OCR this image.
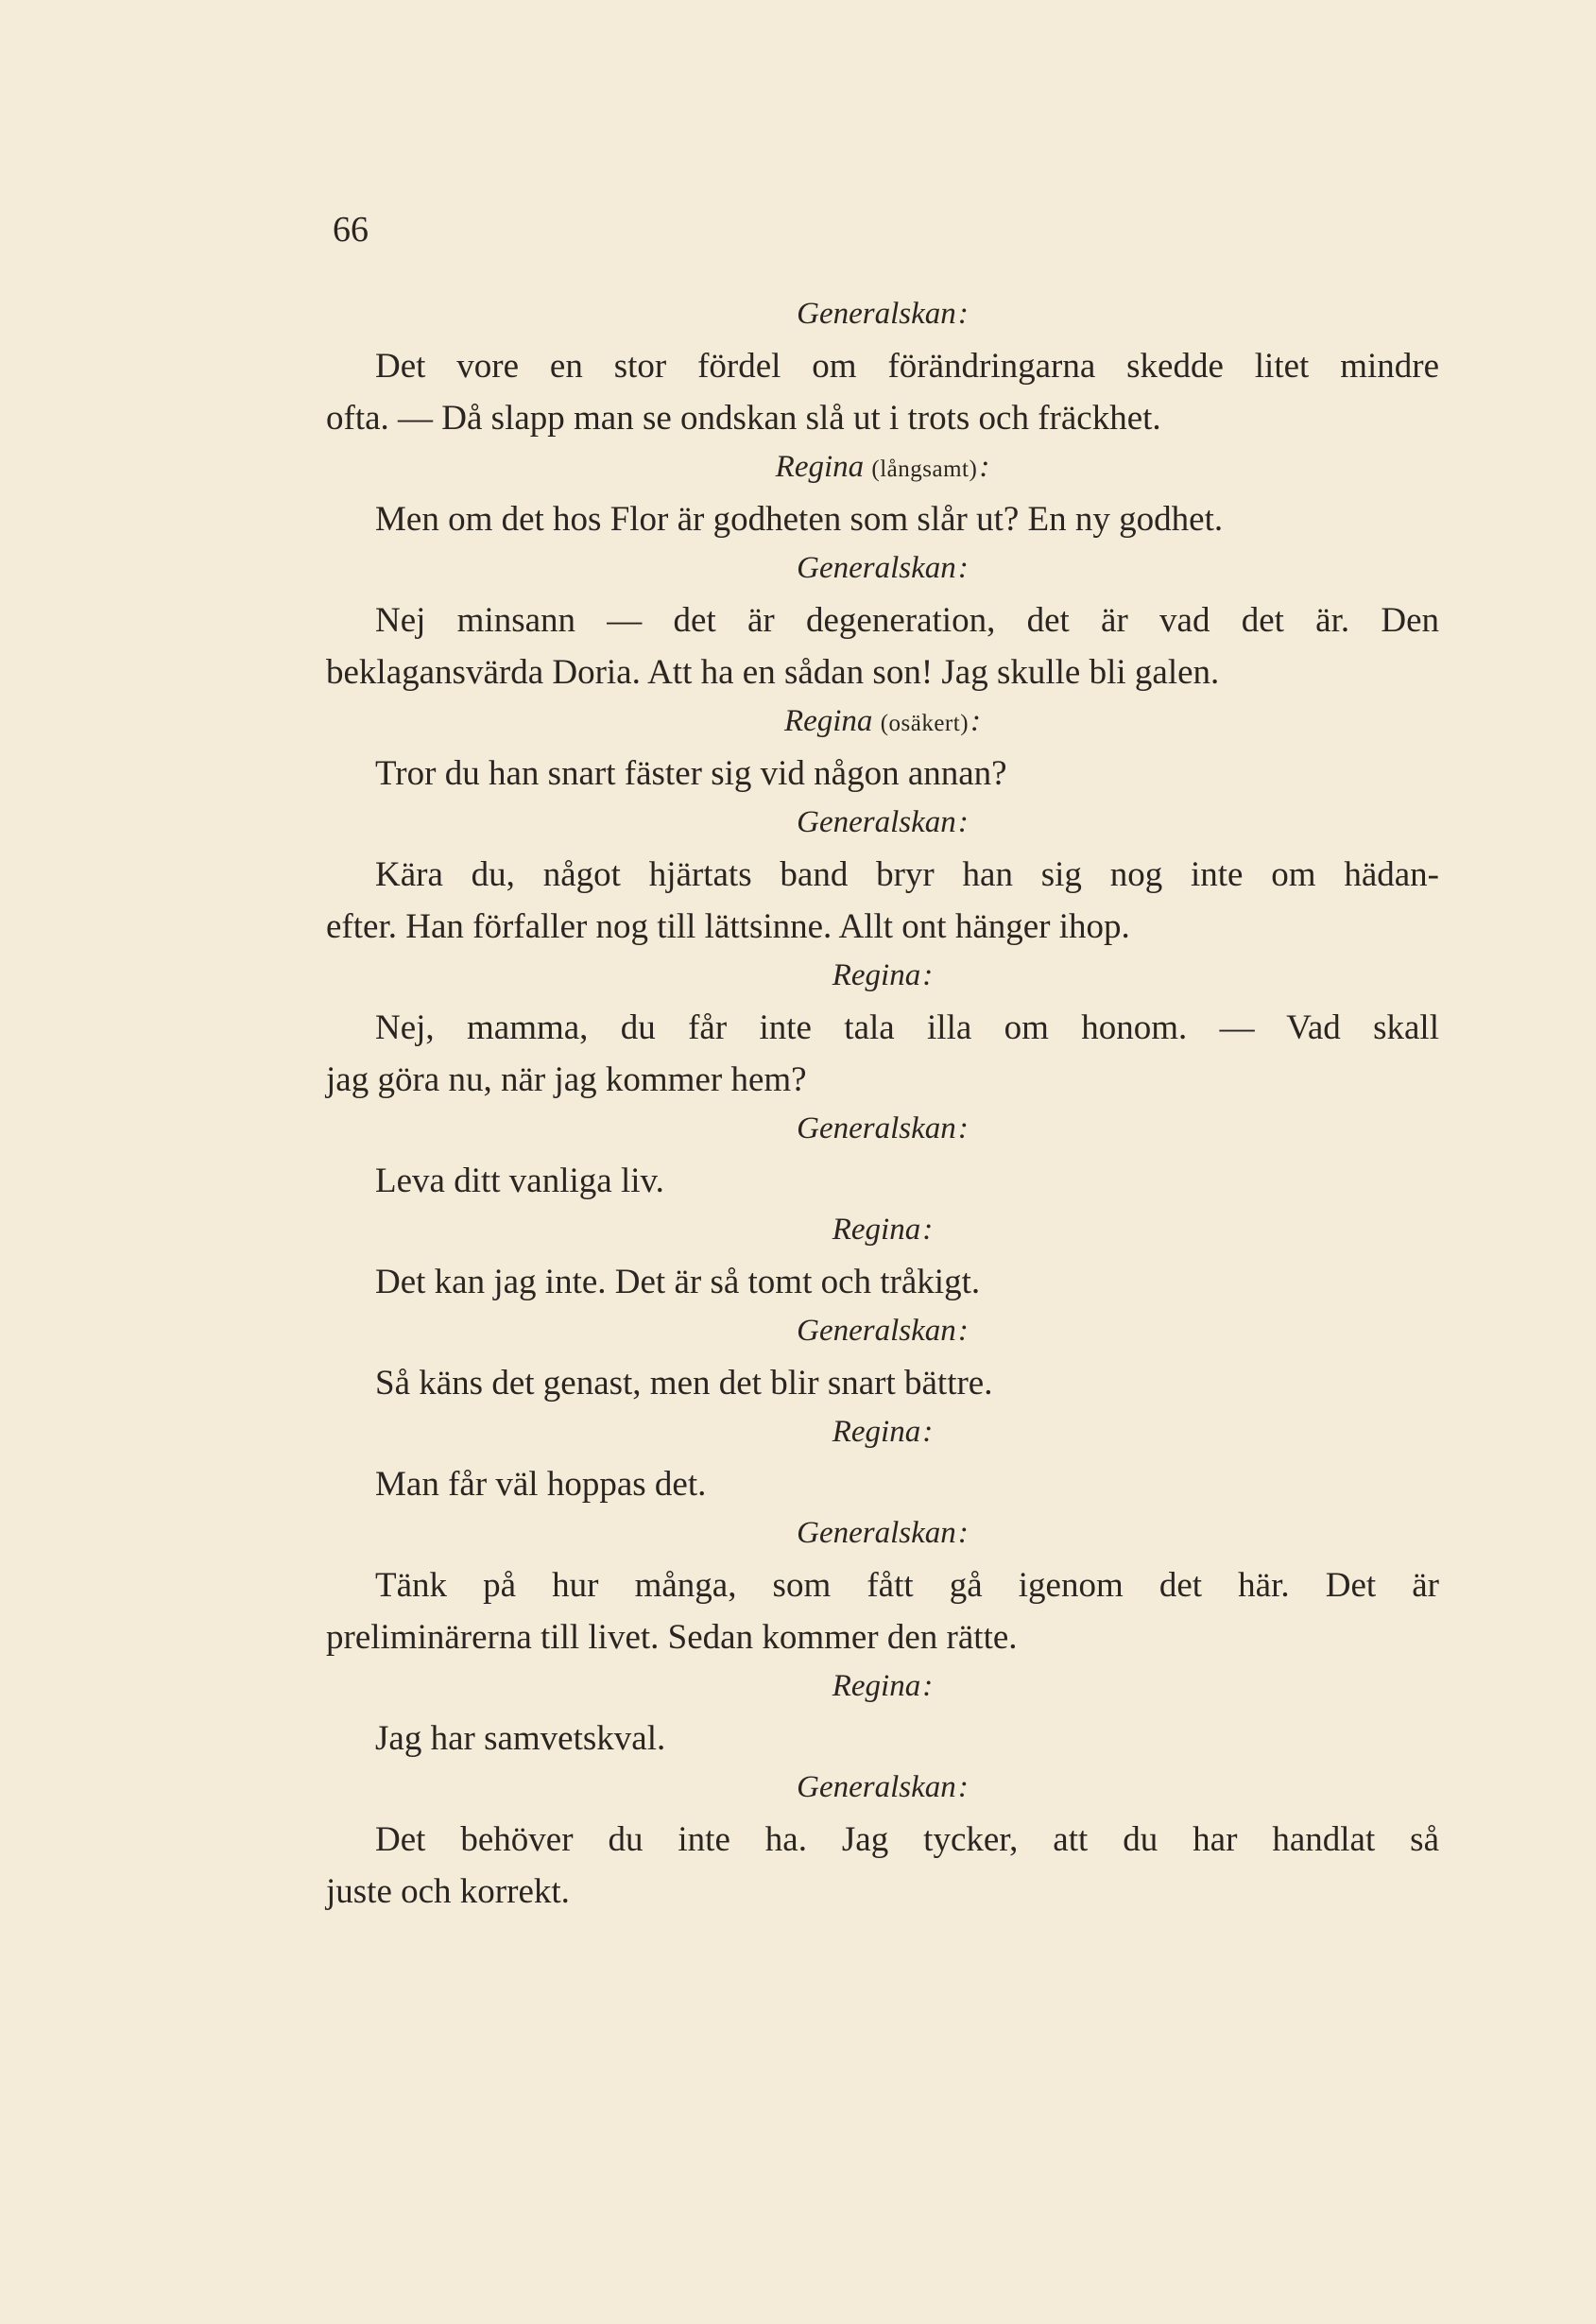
66

Generalskan:

Det vore en stor fördel om förändringarna skedde litet mindre

ofta. — Då slapp man se ondskan slå ut i trots och fräckhet.

Regina (långsamt):

Men om det hos Flor är godheten som slår ut? En ny godhet.

Generalskan:

Nej minsann — det är degeneration, det är vad det är. Den

beklagansvärda Doria. Att ha en sådan son! Jag skulle bli galen.

Regina (osäkert):

Tror du han snart fäster sig vid någon annan?

Generalskan:

Kära du, något hjärtats band bryr han sig nog inte om hädan-

efter. Han förfaller nog till lättsinne. Allt ont hänger ihop.

Regina:

Nej, mamma, du får inte tala illa om honom. — Vad skall

jag göra nu, när jag kommer hem?

Generalskan:

Leva ditt vanliga liv.

Regina:

Det kan jag inte. Det är så tomt och tråkigt.

Generalskan:

Så käns det genast, men det blir snart bättre.

Regina:

Man får väl hoppas det.

Generalskan:

Tänk på hur många, som fått gå igenom det här. Det är

preliminärerna till livet. Sedan kommer den rätte.

Regina:

Jag har samvetskval.

Generalskan:

Det behöver du inte ha. Jag tycker, att du har handlat så

juste och korrekt.
